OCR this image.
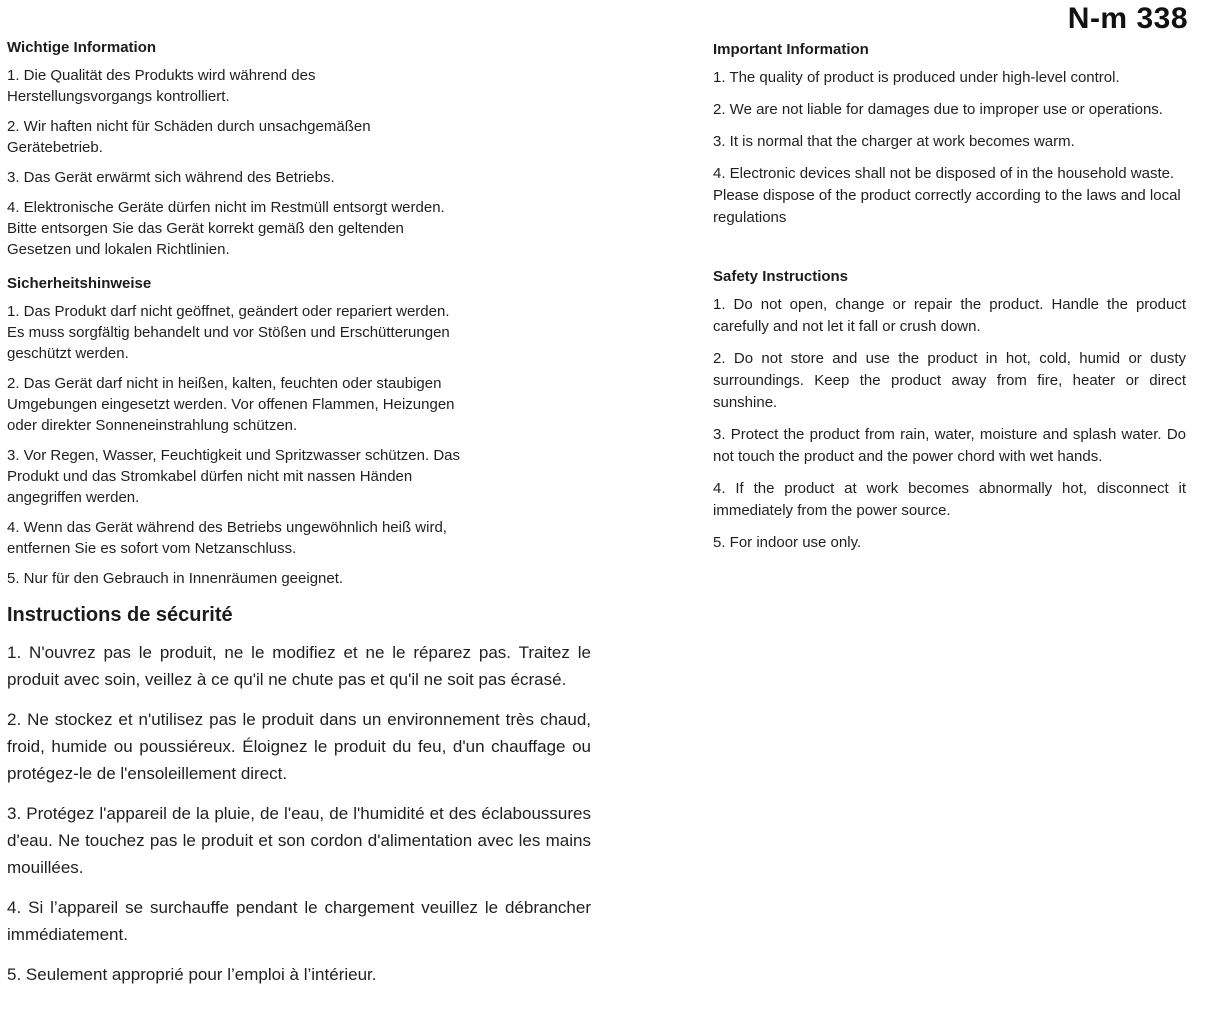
N-m 338
Wichtige Information

1. Die Qualität des Produkts wird während des Herstellungsvorgangs kontrolliert.

2. Wir haften nicht für Schäden durch unsachgemäßen Gerätebetrieb.

3. Das Gerät erwärmt sich während des Betriebs.

4. Elektronische Geräte dürfen nicht im Restmüll entsorgt werden. Bitte entsorgen Sie das Gerät korrekt gemäß den geltenden Gesetzen und lokalen Richtlinien.

Sicherheitshinweise

1. Das Produkt darf nicht geöffnet, geändert oder repariert werden. Es muss sorgfältig behandelt und vor Stößen und Erschütterungen geschützt werden.

2. Das Gerät darf nicht in heißen, kalten, feuchten oder staubigen Umgebungen eingesetzt werden. Vor offenen Flammen, Heizungen oder direkter Sonneneinstrahlung schützen.

3. Vor Regen, Wasser, Feuchtigkeit und Spritzwasser schützen. Das Produkt und das Stromkabel dürfen nicht mit nassen Händen angegriffen werden.

4. Wenn das Gerät während des Betriebs ungewöhnlich heiß wird, entfernen Sie es sofort vom Netzanschluss.

5. Nur für den Gebrauch in Innenräumen geeignet.

Instructions de sécurité

1. N'ouvrez pas le produit, ne le modifiez et ne le réparez pas. Traitez le produit avec soin, veillez à ce qu'il ne chute pas et qu'il ne soit pas écrasé.

2. Ne stockez et n'utilisez pas le produit dans un environnement très chaud, froid, humide ou poussiéreux. Éloignez le produit du feu, d'un chauffage ou protégez-le de l'ensoleillement direct.

3. Protégez l'appareil de la pluie, de l'eau, de l'humidité et des éclaboussures d'eau. Ne touchez pas le produit et son cordon d'alimentation avec les mains mouillées.

4. Si l’appareil se surchauffe pendant le chargement veuillez le débrancher immédiatement.

5. Seulement approprié pour l’emploi à l’intérieur.

Important Information

1. The quality of product is produced under high-level control.

2. We are not liable for damages due to improper use or operations.

3. It is normal that the charger at work becomes warm.

4. Electronic devices shall not be disposed of in the household waste. Please dispose of the product correctly according to the laws and local regulations

Safety Instructions

1. Do not open, change or repair the product. Handle the product carefully and not let it fall or crush down.

2. Do not store and use the product in hot, cold, humid or dusty surroundings. Keep the product away from fire, heater or direct sunshine.

3. Protect the product from rain, water, moisture and splash water. Do not touch the product and the power chord with wet hands.

4. If the product at work becomes abnormally hot, disconnect it immediately from the power source.

5. For indoor use only.
